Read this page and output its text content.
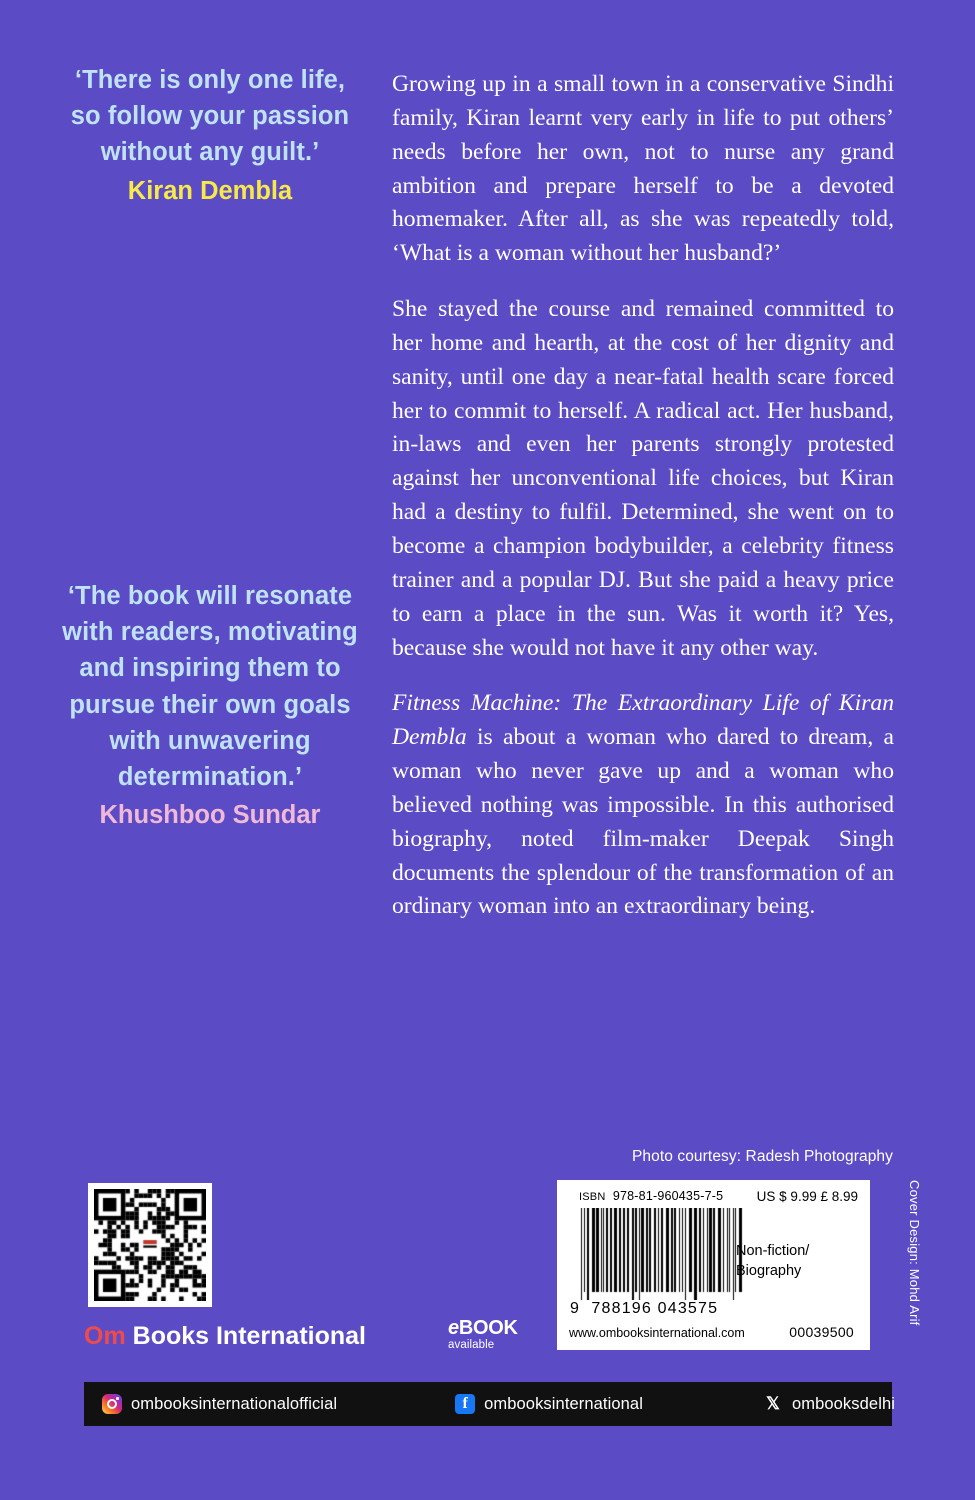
‘There is only one life, so follow your passion without any guilt.’
Kiran Dembla
‘The book will resonate with readers, motivating and inspiring them to pursue their own goals with unwavering determination.’
Khushboo Sundar

Growing up in a small town in a conservative Sindhi family, Kiran learnt very early in life to put others’ needs before her own, not to nurse any grand ambition and prepare herself to be a devoted homemaker. After all, as she was repeatedly told, ‘What is a woman without her husband?’

She stayed the course and remained committed to her home and hearth, at the cost of her dignity and sanity, until one day a near-fatal health scare forced her to commit to herself. A radical act. Her husband, in-laws and even her parents strongly protested against her unconventional life choices, but Kiran had a destiny to fulfil. Determined, she went on to become a champion bodybuilder, a celebrity fitness trainer and a popular DJ. But she paid a heavy price to earn a place in the sun. Was it worth it? Yes, because she would not have it any other way.

Fitness Machine: The Extraordinary Life of Kiran Dembla is about a woman who dared to dream, a woman who never gave up and a woman who believed nothing was impossible. In this authorised biography, noted film-maker Deepak Singh documents the splendour of the transformation of an ordinary woman into an extraordinary being.

Photo courtesy: Radesh Photography
Om Books International	eBOOK
available
ISBN 978-81-960435-7-5 US $ 9.99 £ 8.99
9 788196 043575
Non-fiction/
Biography
www.ombooksinternational.com	00039500
Cover Design: Mohd Arif
ombooksinternationalofficial	f ombooksinternational	𝕏 ombooksdelhi
